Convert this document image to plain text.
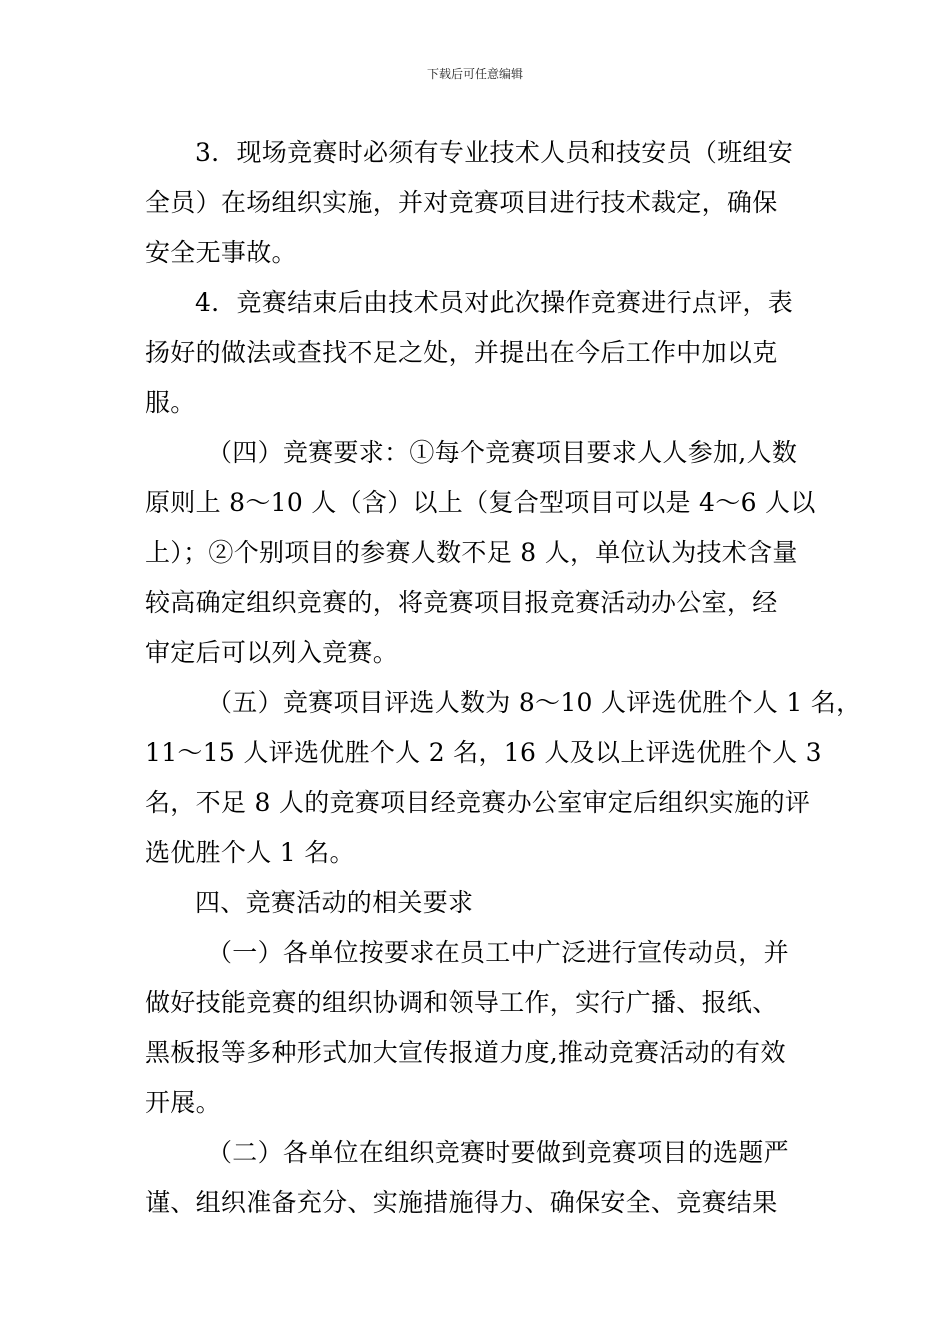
下载后可任意编辑
3．现场竞赛时必须有专业技术人员和技安员（班组安
全员）在场组织实施，并对竞赛项目进行技术裁定，确保
安全无事故。
4．竞赛结束后由技术员对此次操作竞赛进行点评，表
扬好的做法或查找不足之处，并提出在今后工作中加以克
服。
（四）竞赛要求：①每个竞赛项目要求人人参加,人数
原则上 8～10 人（含）以上（复合型项目可以是 4～6 人以
上）；②个别项目的参赛人数不足 8 人，单位认为技术含量
较高确定组织竞赛的，将竞赛项目报竞赛活动办公室，经
审定后可以列入竞赛。
（五）竞赛项目评选人数为 8～10 人评选优胜个人 1 名，
11～15 人评选优胜个人 2 名，16 人及以上评选优胜个人 3
名，不足 8 人的竞赛项目经竞赛办公室审定后组织实施的评
选优胜个人 1 名。
四、竞赛活动的相关要求
（一）各单位按要求在员工中广泛进行宣传动员，并
做好技能竞赛的组织协调和领导工作，实行广播、报纸、
黑板报等多种形式加大宣传报道力度,推动竞赛活动的有效
开展。
（二）各单位在组织竞赛时要做到竞赛项目的选题严
谨、组织准备充分、实施措施得力、确保安全、竞赛结果
